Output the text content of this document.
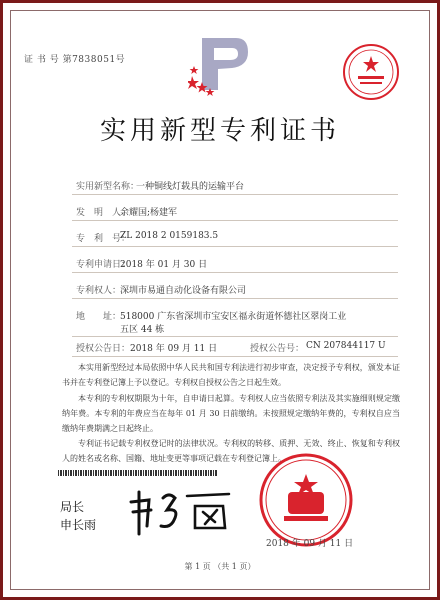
证 书 号 第7838051号
实用新型专利证书
实用新型名称：
一种铜线灯载具的运输平台
发　明　人：
余耀国;杨建军
专　利　号：
ZL 2018 2 0159183.5
专利申请日：
2018 年 01 月 30 日
专利权人：
深圳市易通自动化设备有限公司
地　　址：
518000 广东省深圳市宝安区福永街道怀德社区翠岗工业
五区 44 栋
授权公告日： 2018 年 09 月 11 日	授权公告号： CN 207844117 U
本实用新型经过本局依照中华人民共和国专利法进行初步审查，决定授予专利权，颁发本证书并在专利登记簿上予以登记。专利权自授权公告之日起生效。
本专利的专利权期限为十年，自申请日起算。专利权人应当依照专利法及其实施细则规定缴纳年费。本专利的年费应当在每年 01 月 30 日前缴纳。未按照规定缴纳年费的，专利权自应当缴纳年费期满之日起终止。
专利证书记载专利权登记时的法律状况。专利权的转移、质押、无效、终止、恢复和专利权人的姓名或名称、国籍、地址变更等事项记载在专利登记簿上。
局长
申长雨
2018 年 09 月 11 日
第 1 页 （共 1 页）
